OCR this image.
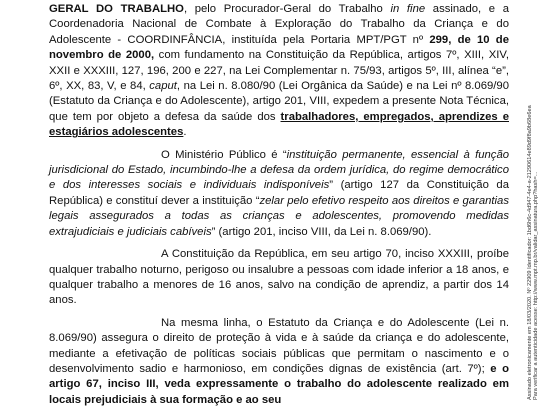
GERAL DO TRABALHO, pelo Procurador-Geral do Trabalho in fine assinado, e a Coordenadoria Nacional de Combate à Exploração do Trabalho da Criança e do Adolescente - COORDINFÂNCIA, instituída pela Portaria MPT/PGT nº 299, de 10 de novembro de 2000, com fundamento na Constituição da República, artigos 7º, XIII, XIV, XXII e XXXIII, 127, 196, 200 e 227, na Lei Complementar n. 75/93, artigos 5º, III, alínea “e”, 6º, XX, 83, V, e 84, caput, na Lei n. 8.080/90 (Lei Orgânica da Saúde) e na Lei nº 8.069/90 (Estatuto da Criança e do Adolescente), artigo 201, VIII, expedem a presente Nota Técnica, que tem por objeto a defesa da saúde dos trabalhadores, empregados, aprendizes e estagiários adolescentes.

O Ministério Público é “instituição permanente, essencial à função jurisdicional do Estado, incumbindo-lhe a defesa da ordem jurídica, do regime democrático e dos interesses sociais e individuais indisponíveis” (artigo 127 da Constituição da República) e constituí dever a instituição “zelar pelo efetivo respeito aos direitos e garantias legais assegurados a todas as crianças e adolescentes, promovendo medidas extrajudiciais e judiciais cabíveis” (artigo 201, inciso VIII, da Lei n. 8.069/90).

A Constituição da República, em seu artigo 70, inciso XXXIII, proíbe qualquer trabalho noturno, perigoso ou insalubre a pessoas com idade inferior a 18 anos, e qualquer trabalho a menores de 16 anos, salvo na condição de aprendiz, a partir dos 14 anos.

Na mesma linha, o Estatuto da Criança e do Adolescente (Lei n. 8.069/90) assegura o direito de proteção à vida e à saúde da criança e do adolescente, mediante a efetivação de políticas sociais públicas que permitam o nascimento e o desenvolvimento sadio e harmonioso, em condições dignas de existência (art. 7º); e o artigo 67, inciso III, veda expressamente o trabalho do adolescente realizado em locais prejudiciais à sua formação e ao seu	Assinado eletronicamente em 18/03/2020. Nº 22909 Identificador: 1bd6h6c-4d947-4e4-a-21290614e89d9f8a9b68e6ea Para verificar a autenticidade acesse: http://www.mpt.mp.br/validar_assinatura.php?hash=...
